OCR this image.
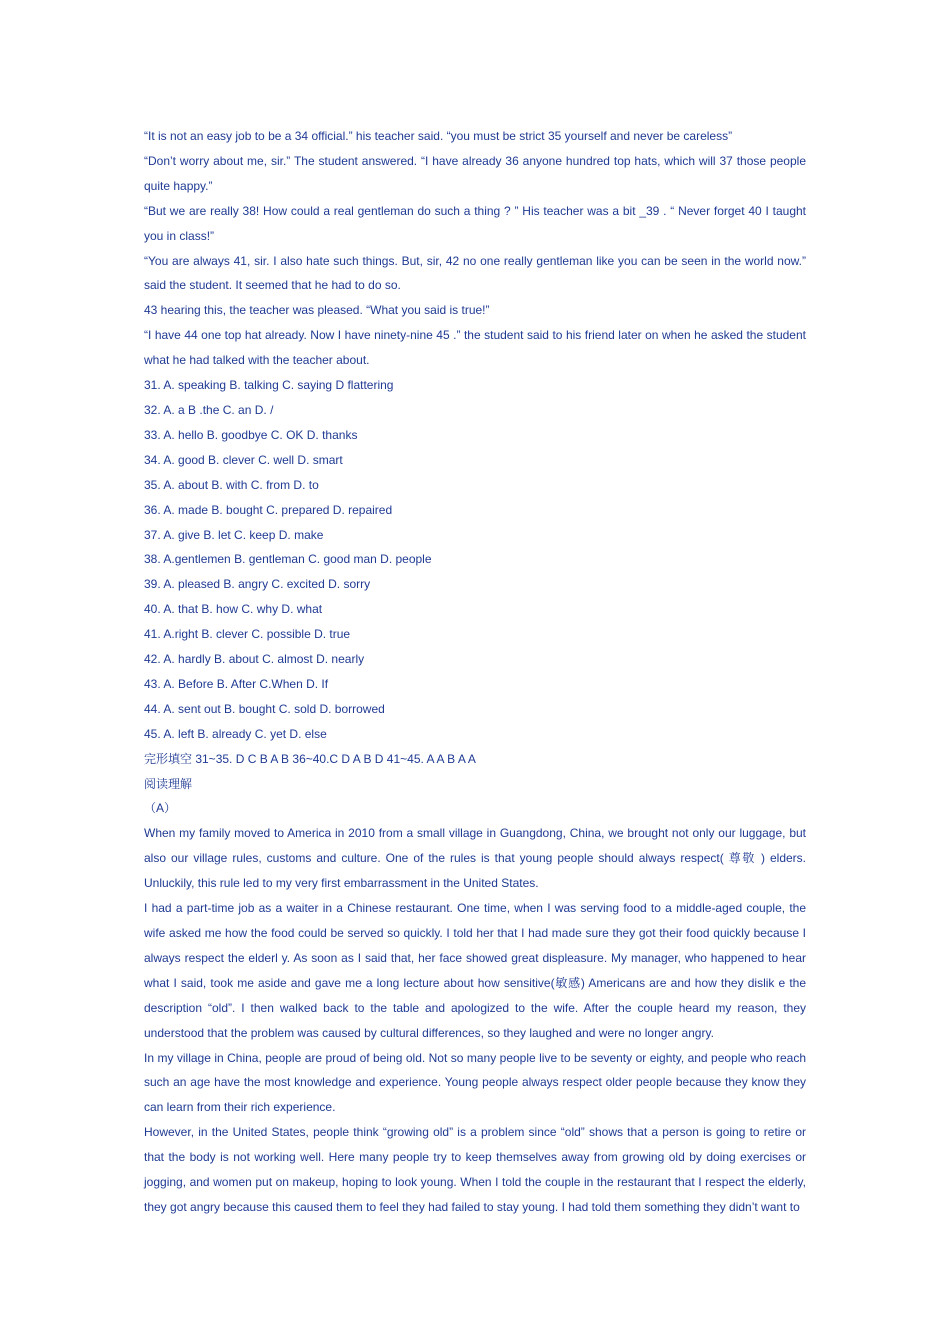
“It is not an easy job to be a 34 official.” his teacher said. “you must be strict 35 yourself and never be careless”

“Don’t worry about me, sir.” The student answered. “I have already 36 anyone hundred top hats, which will 37 those people quite happy.”

“But we are really 38! How could a real gentleman do such a thing ? ” His teacher was a bit _39 . “ Never forget 40 I taught you in class!”

“You are always 41, sir. I also hate such things. But, sir, 42 no one really gentleman like you can be seen in the world now.” said the student. It seemed that he had to do so.

43 hearing this, the teacher was pleased. “What you said is true!”

“I have 44 one top hat already. Now I have ninety-nine 45 .” the student said to his friend later on when he asked the student what he had talked with the teacher about.

31. A. speaking B. talking C. saying D flattering

32. A. a B .the C. an D. /

33. A. hello B. goodbye C. OK D. thanks

34. A. good B. clever C. well D. smart

35. A. about B. with C. from D. to

36. A. made B. bought C. prepared D. repaired

37. A. give B. let C. keep D. make

38. A.gentlemen B. gentleman C. good man D. people

39. A. pleased B. angry C. excited D. sorry

40. A. that B. how C. why D. what

41. A.right B. clever C. possible D. true

42. A. hardly B. about C. almost D. nearly

43. A. Before B. After C.When D. If

44. A. sent out B. bought C. sold D. borrowed

45. A. left B. already C. yet D. else

完形填空 31~35. D C B A B 36~40.C D A B D 41~45. A A B A A

阅读理解

（A）

When my family moved to America in 2010 from a small village in Guangdong, China, we brought not only our luggage, but also our village rules, customs and culture. One of the rules is that young people should always respect( 尊敬 ) elders. Unluckily, this rule led to my very first embarrassment in the United States.

I had a part-time job as a waiter in a Chinese restaurant. One time, when I was serving food to a middle-aged couple, the wife asked me how the food could be served so quickly. I told her that I had made sure they got their food quickly because I always respect the elderl y. As soon as I said that, her face showed great displeasure. My manager, who happened to hear what I said, took me aside and gave me a long lecture about how sensitive(敏感) Americans are and how they dislik e the description “old”. I then walked back to the table and apologized to the wife. After the couple heard my reason, they understood that the problem was caused by cultural differences, so they laughed and were no longer angry.

In my village in China, people are proud of being old. Not so many people live to be seventy or eighty, and people who reach such an age have the most knowledge and experience. Young people always respect older people because they know they can learn from their rich experience.

However, in the United States, people think “growing old” is a problem since “old” shows that a person is going to retire or that the body is not working well. Here many people try to keep themselves away from growing old by doing exercises or jogging, and women put on makeup, hoping to look young. When I told the couple in the restaurant that I respect the elderly, they got angry because this caused them to feel they had failed to stay young. I had told them something they didn’t want to
